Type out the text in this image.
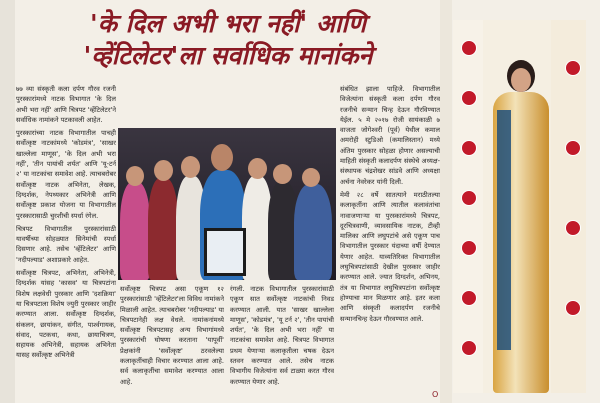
'के दिल अभी भरा नहीं' आणि
'व्हेंटिलेटर'ला सर्वाधिक मानांकने

७७ व्या संस्कृती कला दर्पण गौरव रजनी पुरस्कारांमध्ये नाटक विभागात 'के दिल अभी भरा नहीं' आणि चित्रपट 'व्हेंटिलेटर'ने सर्वाधिक नामांकने पटकावली आहेत.

पुरस्कारांच्या नाटक विभागातील पाचही सर्वोत्कृष्ट नाटकांमध्ये 'कोडमंत्र', 'साखर खाल्लेला माणूस', 'के दिल अभी भरा नहीं', 'तीन पायांची शर्यत' आणि 'यू-टर्न २' या नाटकांचा समावेश आहे. त्याचबरोबर सर्वोत्कृष्ट नाटक अभिनेता, लेखक, दिग्दर्शक, नेपथ्यकार अभिनेत्री आणि सर्वोत्कृष्ट प्रकाश योजना या विभागातील पुरस्कारासाठी चुरशीची स्पर्धा रंगेल.

चित्रपट विभागातील पुरस्कारांसाठी यावर्षीच्या सोहळ्यात सिनेमांची स्पर्धा दिसणार आहे. तसेच 'व्हेंटिलेटर' आणि 'नदीपल्याड' अशाप्रकारे आहेत.

सर्वोत्कृष्ट चित्रपट, अभिनेता, अभिनेत्री, दिग्दर्शक यांसह 'कासव' या चित्रपटांना विशेष लक्षवेधी पुरस्कार आणि 'दशक्रिया' या चित्रपटाला विशेष ज्युरी पुरस्कार जाहीर करण्यात आला. सर्वोत्कृष्ट दिग्दर्शक, संकलन, छायांकन, संगीत, पार्श्वगायक, संवाद, पटकथा, कथा, छायाचित्रण, सहायक अभिनेत्री, सहायक अभिनेता यासह सर्वोत्कृष्ट अभिनेत्री

सर्वोत्कृष्ट चित्रपट असा एकूण १२ पुरस्कारांसाठी 'व्हेंटिलेटर'ला विविध नामांकने मिळाली आहेत. त्याचबरोबर 'नदीपल्याड' या चित्रपटानेही लक्ष वेधले. नामांकनांमध्ये सर्वोत्कृष्ट चित्रपटासह अन्य विभागांमध्ये पुरस्कारांची घोषणा करताना 'यापूर्वी' प्रेक्षकांनी 'सर्वोत्कृष्ट' ठरवलेल्या कलाकृतींचाही विचार करण्यात आला आहे. सर्व कलाकृतींचा समावेश करण्यात आला आहे.

रंगली. नाटक विभागातील पुरस्कारांसाठी एकूण सात सर्वोत्कृष्ट नाटकांची निवड करण्यात आली. यात 'साखर खाल्लेला माणूस', 'कोडमंत्र', 'यू टर्न २', 'तीन पायांची शर्यत', 'के दिल अभी भरा नहीं' या नाटकांचा समावेश आहे. चित्रपट विभागात प्रथम येणाऱ्या कलाकृतीला चषक देऊन स्तवन करण्यात आले. तसेच नाटक विभागीय विजेत्यांना सर्व टाळ्या करत गौरव करण्यात येणार आहे.

संबंधित झाला पाहिजे. विभागातील विजेत्यांना संस्कृती कला दर्पण गौरव रजनीचे सन्मान चिन्ह देऊन गौरविण्यात येईल. ५ मे २०१७ रोजी सायंकाळी ७ वाजता जोगेश्वरी (पूर्व) येथील कमाल अमरोही स्टुडिओ (कमालिस्तान) मध्ये अंतिम पुरस्कार सोहळा होणार असल्याची माहिती संस्कृती कलादर्पण संस्थेचे अध्यक्ष-संस्थापक चंद्रशेखर सांडवे आणि अध्यक्षा अर्चना नेवरेकर यांनी दिली.

मेमी २८ वर्षे सातत्याने मराठीतल्या कलाकृतींना आणि त्यातील कलावंतांचा नावाजणाऱ्या या पुरस्कारांमध्ये चित्रपट, दूरचित्रवाणी, व्यावसायिक नाटक, टीव्ही मालिका आणि लघुपटांचे असे एकूण पाच विभागातील पुरस्कार यंदाच्या वर्षी देण्यात येणार आहेत. याव्यतिरिक्त विभागातील लघुचित्रपटांसाठी देखील पुरस्कार जाहीर करण्यात आले. ज्यात दिग्दर्शन, अभिनय, तंत्र या विभागात लघुचित्रपटांना सर्वोत्कृष्ट होण्याचा मान मिळणार आहे. इतर कला आणि संस्कृती कलादर्पण रजनीचे सन्मानचिन्ह देऊन गौरवण्यात आले.

O
